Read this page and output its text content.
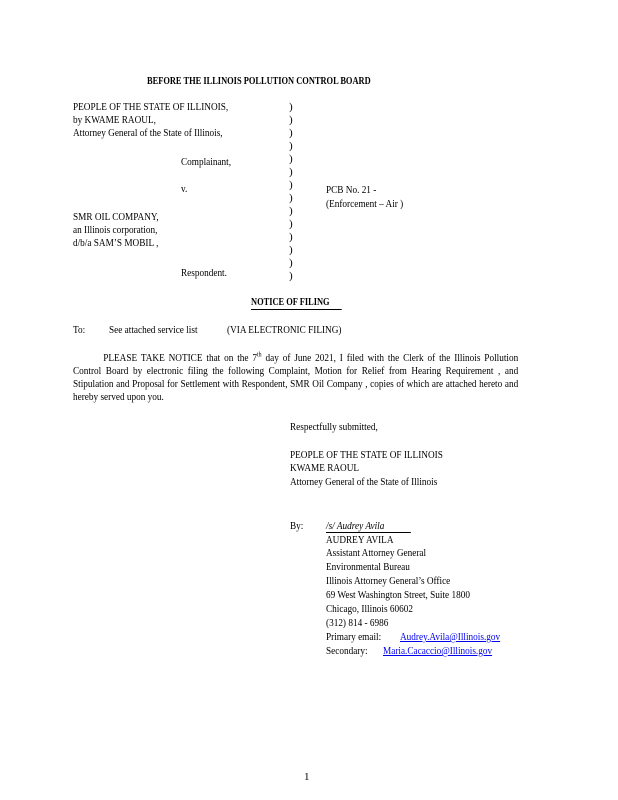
BEFORE THE ILLINOIS POLLUTION CONTROL BOARD
PEOPLE OF THE STATE OF ILLINOIS,
by KWAME RAOUL,
Attorney General of the State of Illinois,
Complainant,
v.
SMR OIL COMPANY,
an Illinois corporation,
d/b/a SAM’S MOBIL ,
Respondent.
)
)
)
)
)
)
)
)
)
)
)
)
)
)
PCB No. 21 -
(Enforcement – Air )
NOTICE OF FILING
To: See attached service list	(VIA ELECTRONIC FILING)
PLEASE TAKE NOTICE that on the 7th day of June 2021, I filed with the Clerk of the Illinois Pollution Control Board by electronic filing the following Complaint, Motion for Relief from Hearing Requirement , and Stipulation and Proposal for Settlement with Respondent, SMR Oil Company , copies of which are attached hereto and hereby served upon you.
Respectfully submitted,
PEOPLE OF THE STATE OF ILLINOIS
KWAME RAOUL
Attorney General of the State of Illinois
By: /s/ Audrey Avila
AUDREY AVILA
Assistant Attorney General
Environmental Bureau
Illinois Attorney General’s Office
69 West Washington Street, Suite 1800
Chicago, Illinois 60602
(312) 814 - 6986
Primary email: Audrey.Avila@Illinois.gov
Secondary: Maria.Cacaccio@Illinois.gov
1
